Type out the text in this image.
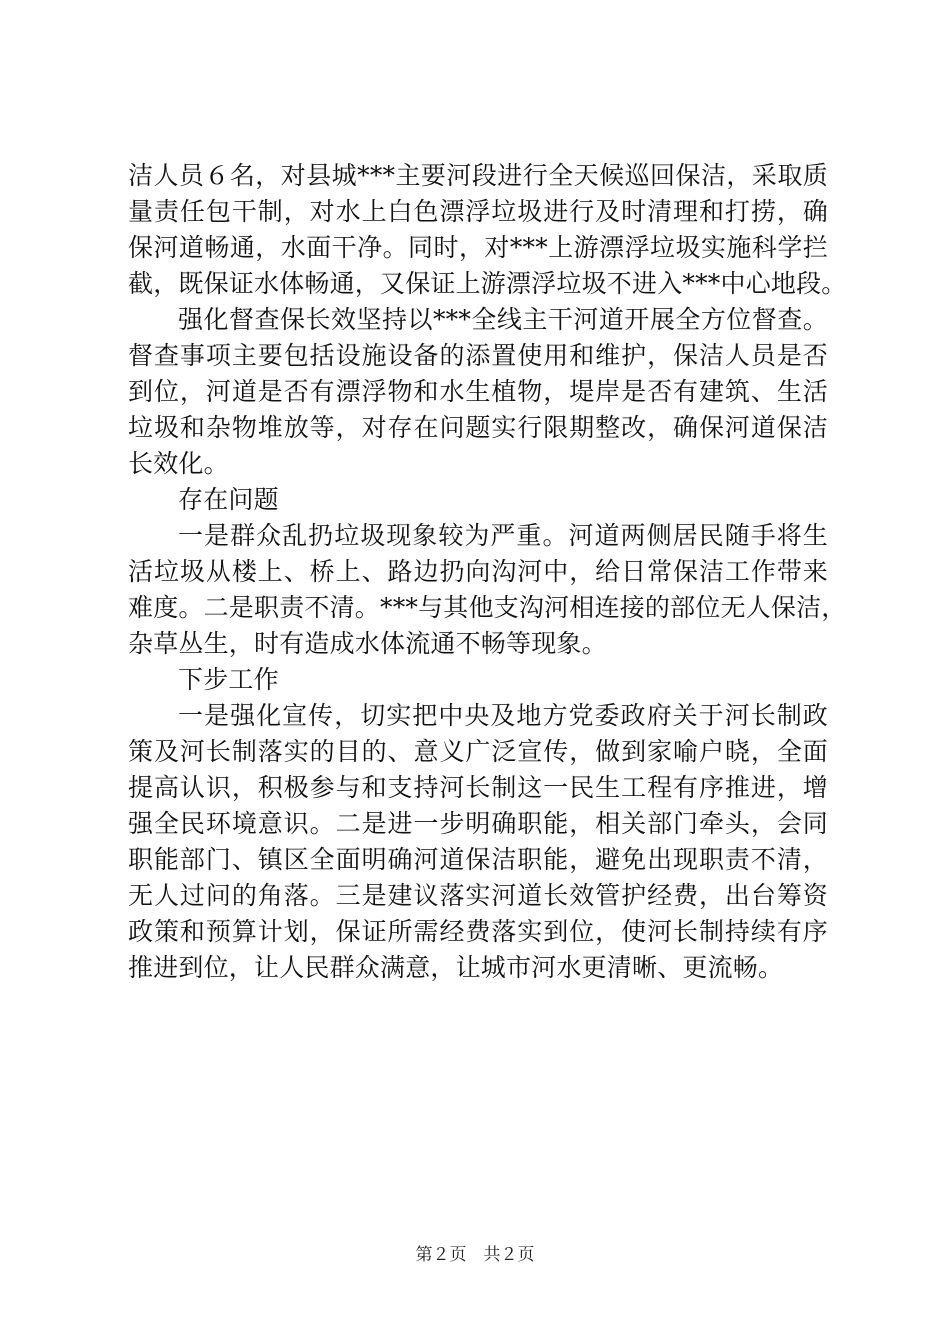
洁人员６名，对县城***主要河段进行全天候巡回保洁，采取质
量责任包干制，对水上白色漂浮垃圾进行及时清理和打捞，确
保河道畅通，水面干净。同时，对***上游漂浮垃圾实施科学拦
截，既保证水体畅通，又保证上游漂浮垃圾不进入***中心地段。
强化督查保长效坚持以***全线主干河道开展全方位督查。
督查事项主要包括设施设备的添置使用和维护，保洁人员是否
到位，河道是否有漂浮物和水生植物，堤岸是否有建筑、生活
垃圾和杂物堆放等，对存在问题实行限期整改，确保河道保洁
长效化。
存在问题
一是群众乱扔垃圾现象较为严重。河道两侧居民随手将生
活垃圾从楼上、桥上、路边扔向沟河中，给日常保洁工作带来
难度。二是职责不清。***与其他支沟河相连接的部位无人保洁，
杂草丛生，时有造成水体流通不畅等现象。
下步工作
一是强化宣传，切实把中央及地方党委政府关于河长制政
策及河长制落实的目的、意义广泛宣传，做到家喻户晓，全面
提高认识，积极参与和支持河长制这一民生工程有序推进，增
强全民环境意识。二是进一步明确职能，相关部门牵头，会同
职能部门、镇区全面明确河道保洁职能，避免出现职责不清，
无人过问的角落。三是建议落实河道长效管护经费，出台筹资
政策和预算计划，保证所需经费落实到位，使河长制持续有序
推进到位，让人民群众满意，让城市河水更清晰、更流畅。
第２页　共２页
